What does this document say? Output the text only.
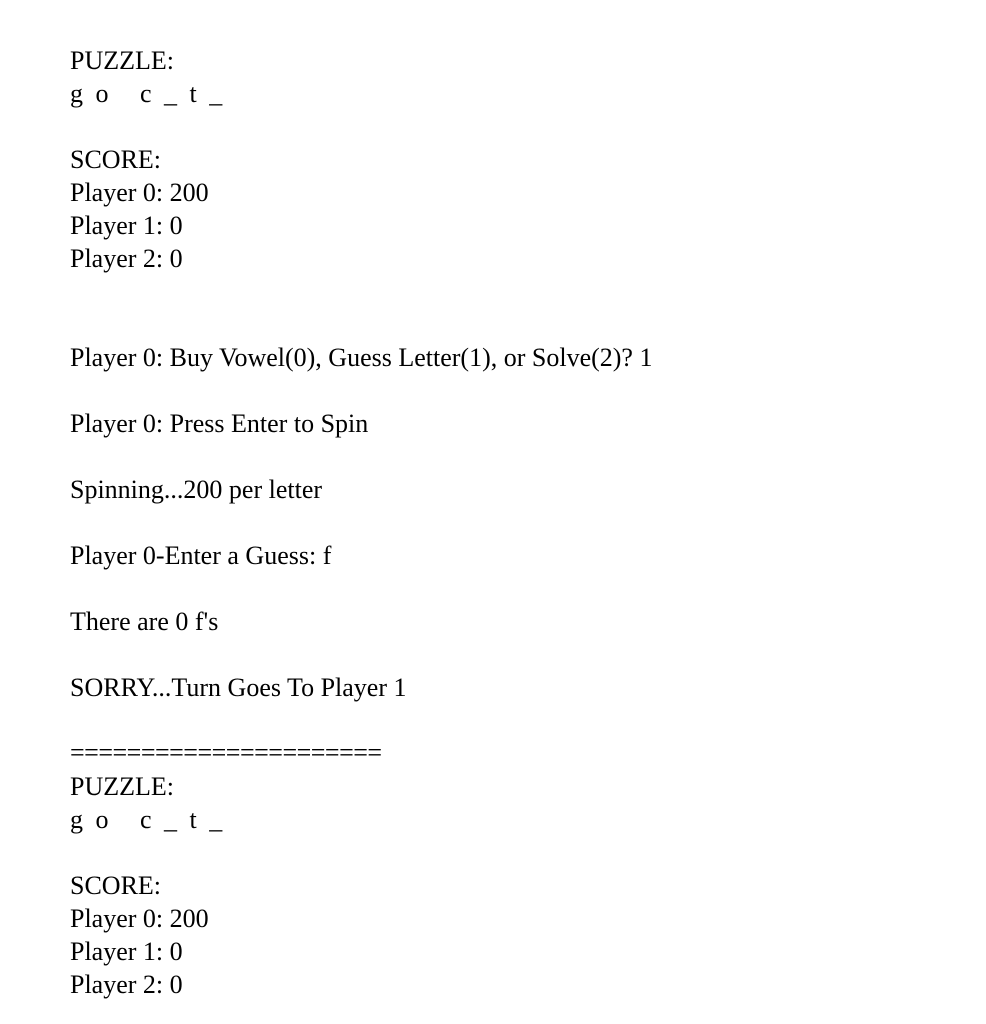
PUZZLE:

g o   c _ t _

SCORE:

Player 0: 200

Player 1: 0

Player 2: 0

Player 0: Buy Vowel(0), Guess Letter(1), or Solve(2)? 1

Player 0: Press Enter to Spin

Spinning...200 per letter

Player 0-Enter a Guess: f

There are 0 f's

SORRY...Turn Goes To Player 1

======================

PUZZLE:

g o   c _ t _

SCORE:

Player 0: 200

Player 1: 0

Player 2: 0
